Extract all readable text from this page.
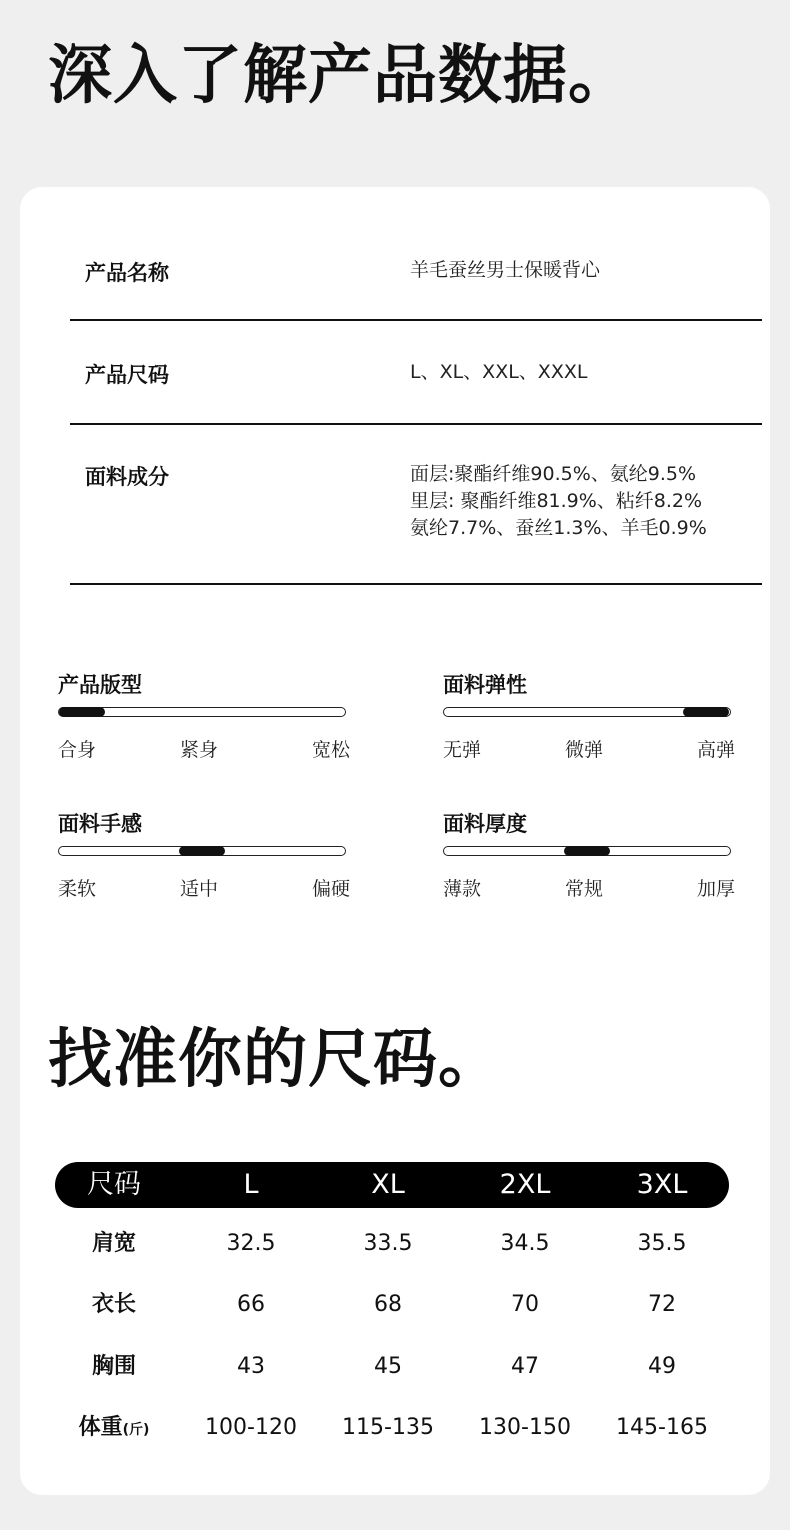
深入了解产品数据。
产品名称	羊毛蚕丝男士保暖背心
产品尺码	L、XL、XXL、XXXL
面料成分	面层:聚酯纤维90.5%、氨纶9.5%
里层: 聚酯纤维81.9%、粘纤8.2%
氨纶7.7%、蚕丝1.3%、羊毛0.9%
产品版型
合身	紧身	宽松
面料弹性
无弹	微弹	高弹
面料手感
柔软	适中	偏硬
面料厚度
薄款	常规	加厚
找准你的尺码。
尺码	L	XL	2XL	3XL
肩宽	32.5	33.5	34.5	35.5
衣长	66	68	70	72
胸围	43	45	47	49
体重(斤)	100-120 115-135 130-150 145-165
